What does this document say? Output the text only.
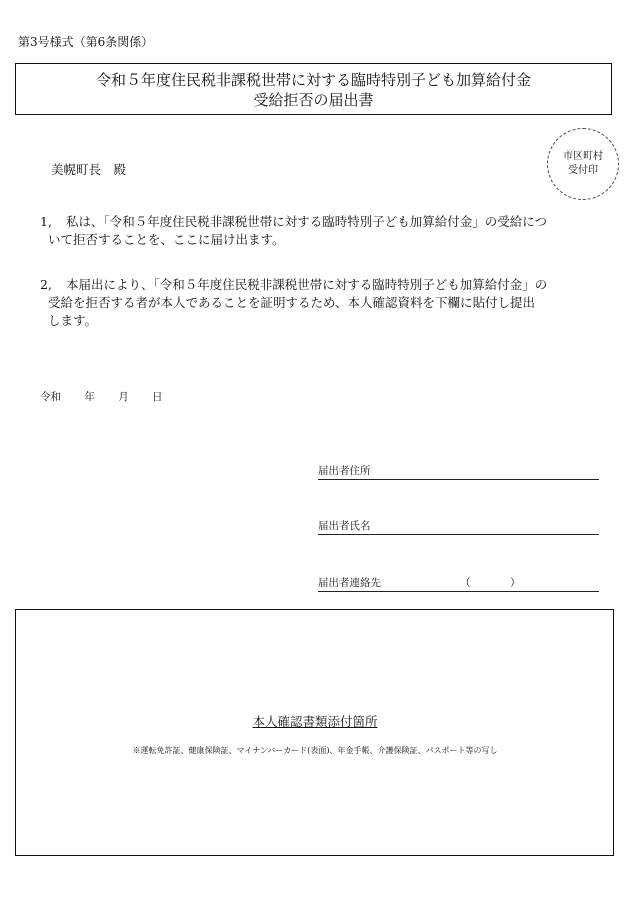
第3号様式（第6条関係）
令和５年度住民税非課税世帯に対する臨時特別子ども加算給付金
受給拒否の届出書
市区町村
受付印
美幌町長　殿
1, 私は、「令和５年度住民税非課税世帯に対する臨時特別子ども加算給付金」の受給につ
いて拒否することを、ここに届け出ます。
2, 本届出により、「令和５年度住民税非課税世帯に対する臨時特別子ども加算給付金」の
受給を拒否する者が本人であることを証明するため、本人確認資料を下欄に貼付し提出
します。
令和 年 月 日
届出者住所
届出者氏名
届出者連絡先	（	）
本人確認書類添付箇所
※運転免許証、健康保険証、マイナンバーカード(表面)、年金手帳、介護保険証、パスポート等の写し
